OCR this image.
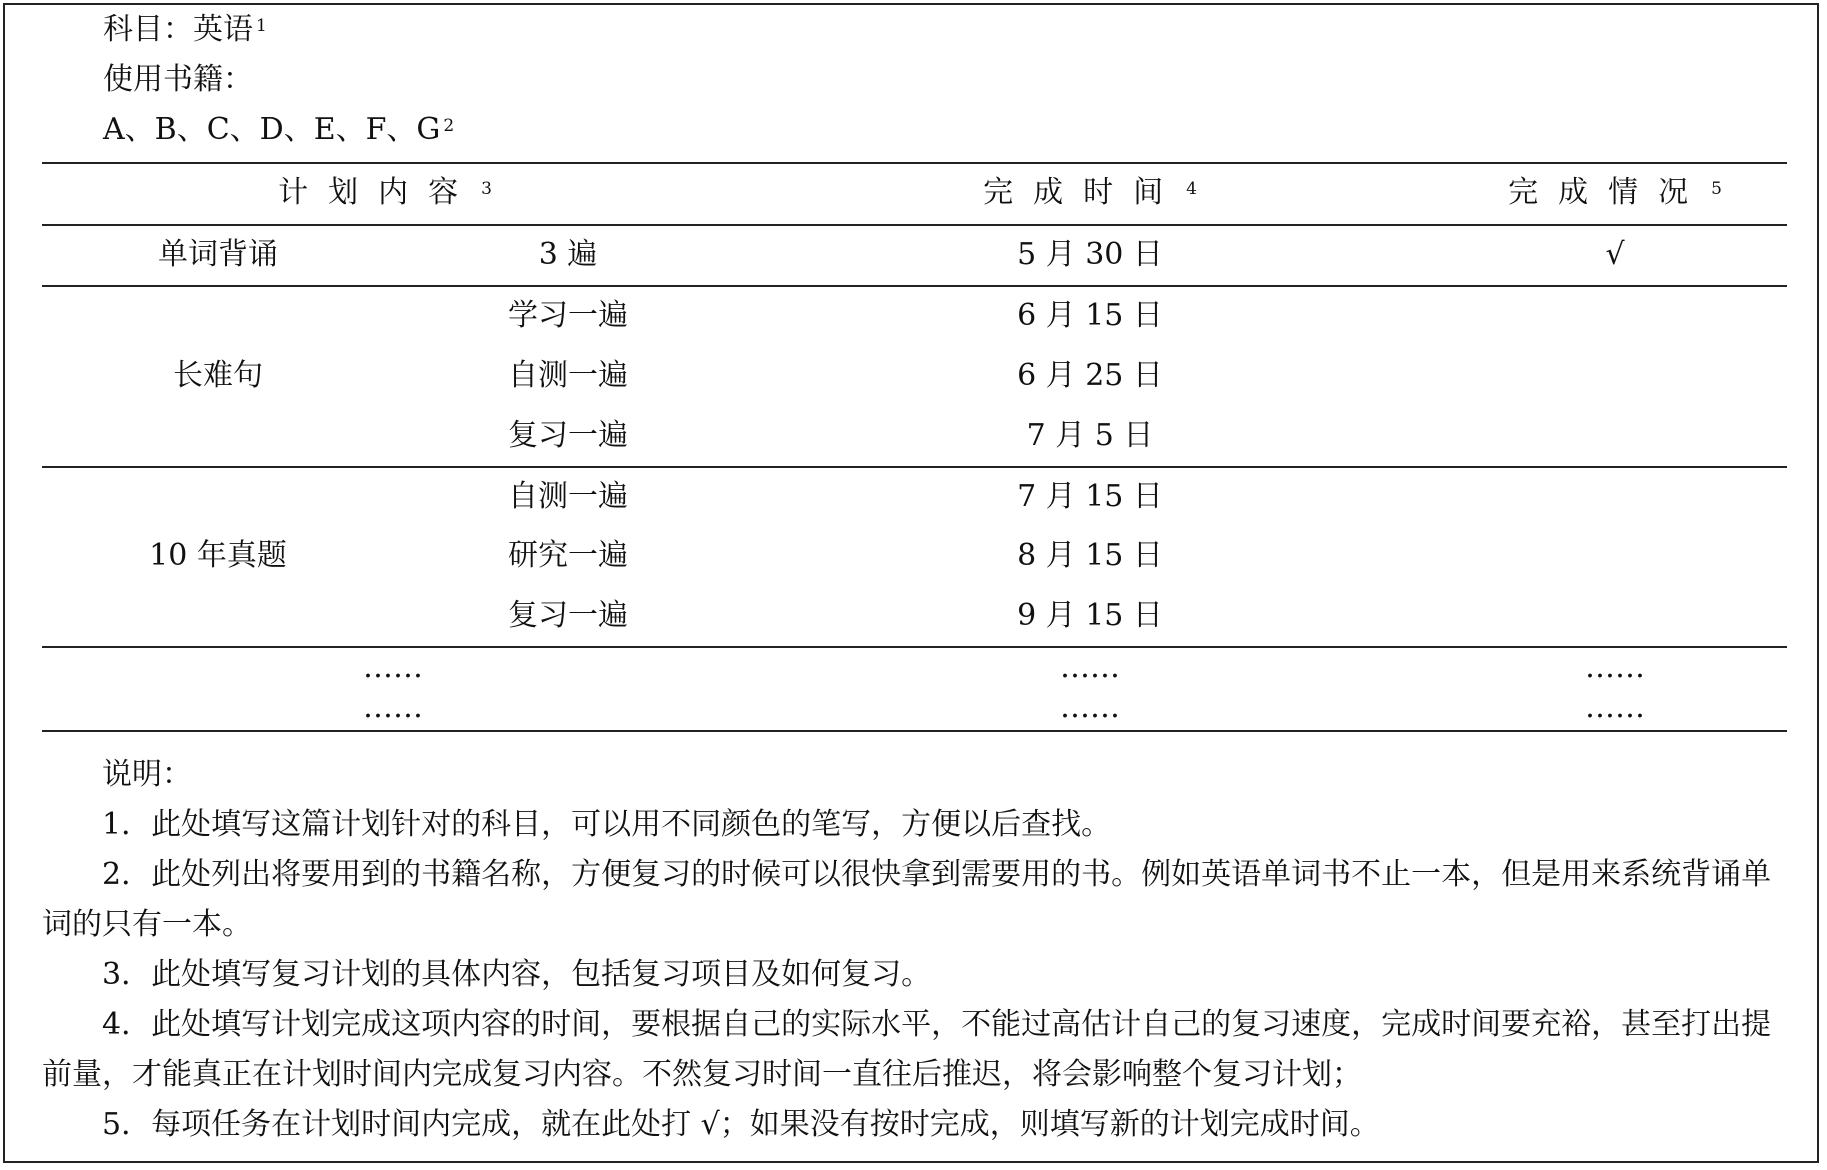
科目：英语 $^1$
使用书籍：
A、B、C、D、E、F、G $^2$
计划内容 $^3$	完成时间 $^4$	完成情况 $^5$
单词背诵	3 遍	5 月 30 日	√
长难句
学习一遍	6 月 15 日
自测一遍	6 月 25 日
复习一遍	7 月 5 日
10 年真题
自测一遍	7 月 15 日
研究一遍	8 月 15 日
复习一遍	9 月 15 日
……	……	……
……	……	……

说明：

1．此处填写这篇计划针对的科目，可以用不同颜色的笔写，方便以后查找。

2．此处列出将要用到的书籍名称，方便复习的时候可以很快拿到需要用的书。例如英语单词书不止一本，但是用来系统背诵单词的只有一本。

3．此处填写复习计划的具体内容，包括复习项目及如何复习。

4．此处填写计划完成这项内容的时间，要根据自己的实际水平，不能过高估计自己的复习速度，完成时间要充裕，甚至打出提前量，才能真正在计划时间内完成复习内容。不然复习时间一直往后推迟，将会影响整个复习计划；

5．每项任务在计划时间内完成，就在此处打 √；如果没有按时完成，则填写新的计划完成时间。
